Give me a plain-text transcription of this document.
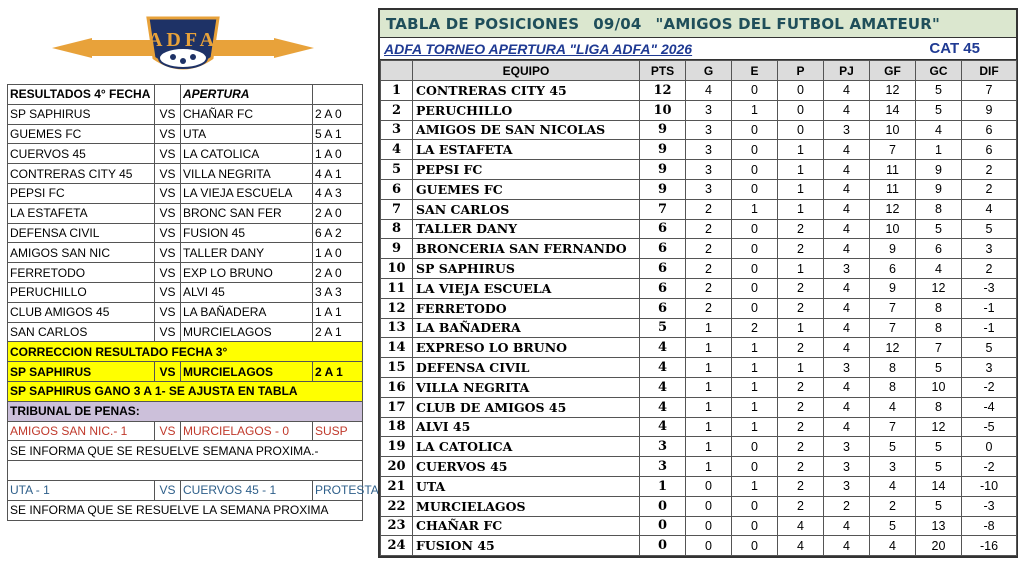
ADFA
RESULTADOS 4° FECHA		APERTURA	
SP SAPHIRUS	VS	CHAÑAR FC	2 A 0
GUEMES FC	VS	UTA	5 A 1
CUERVOS 45	VS	LA CATOLICA	1 A 0
CONTRERAS CITY 45	VS	VILLA NEGRITA	4 A 1
PEPSI FC	VS	LA VIEJA ESCUELA	4 A 3
LA ESTAFETA	VS	BRONC SAN FER	2 A 0
DEFENSA CIVIL	VS	FUSION 45	6 A 2
AMIGOS SAN NIC	VS	TALLER DANY	1 A 0
FERRETODO	VS	EXP LO BRUNO	2 A 0
PERUCHILLO	VS	ALVI 45	3 A 3
CLUB AMIGOS 45	VS	LA BAÑADERA	1 A 1
SAN CARLOS	VS	MURCIELAGOS	2 A 1
CORRECCION RESULTADO FECHA 3°			
SP SAPHIRUS	VS	MURCIELAGOS	2 A 1
SP SAPHIRUS GANO 3 A 1- SE AJUSTA EN TABLA			
TRIBUNAL DE PENAS:			
AMIGOS SAN NIC.- 1	VS	MURCIELAGOS - 0	SUSP
SE INFORMA QUE SE RESUELVE SEMANA PROXIMA.-			

UTA - 1	VS	CUERVOS 45 - 1	PROTESTA
SE INFORMA QUE SE RESUELVE LA SEMANA PROXIMA			
TABLA DE POSICIONES 09/04 "AMIGOS DEL FUTBOL AMATEUR"
ADFA TORNEO APERTURA "LIGA ADFA" 2026	CAT 45
	EQUIPO	PTS	G	E	P	PJ	GF	GC	DIF
1	CONTRERAS CITY 45	12	4	0	0	4	12	5	7
2	PERUCHILLO	10	3	1	0	4	14	5	9
3	AMIGOS DE SAN NICOLAS	9	3	0	0	3	10	4	6
4	LA ESTAFETA	9	3	0	1	4	7	1	6
5	PEPSI FC	9	3	0	1	4	11	9	2
6	GUEMES FC	9	3	0	1	4	11	9	2
7	SAN CARLOS	7	2	1	1	4	12	8	4
8	TALLER DANY	6	2	0	2	4	10	5	5
9	BRONCERIA SAN FERNANDO	6	2	0	2	4	9	6	3
10	SP SAPHIRUS	6	2	0	1	3	6	4	2
11	LA VIEJA ESCUELA	6	2	0	2	4	9	12	-3
12	FERRETODO	6	2	0	2	4	7	8	-1
13	LA BAÑADERA	5	1	2	1	4	7	8	-1
14	EXPRESO LO BRUNO	4	1	1	2	4	12	7	5
15	DEFENSA CIVIL	4	1	1	1	3	8	5	3
16	VILLA NEGRITA	4	1	1	2	4	8	10	-2
17	CLUB DE AMIGOS 45	4	1	1	2	4	4	8	-4
18	ALVI 45	4	1	1	2	4	7	12	-5
19	LA CATOLICA	3	1	0	2	3	5	5	0
20	CUERVOS 45	3	1	0	2	3	3	5	-2
21	UTA	1	0	1	2	3	4	14	-10
22	MURCIELAGOS	0	0	0	2	2	2	5	-3
23	CHAÑAR FC	0	0	0	4	4	5	13	-8
24	FUSION 45	0	0	0	4	4	4	20	-16
